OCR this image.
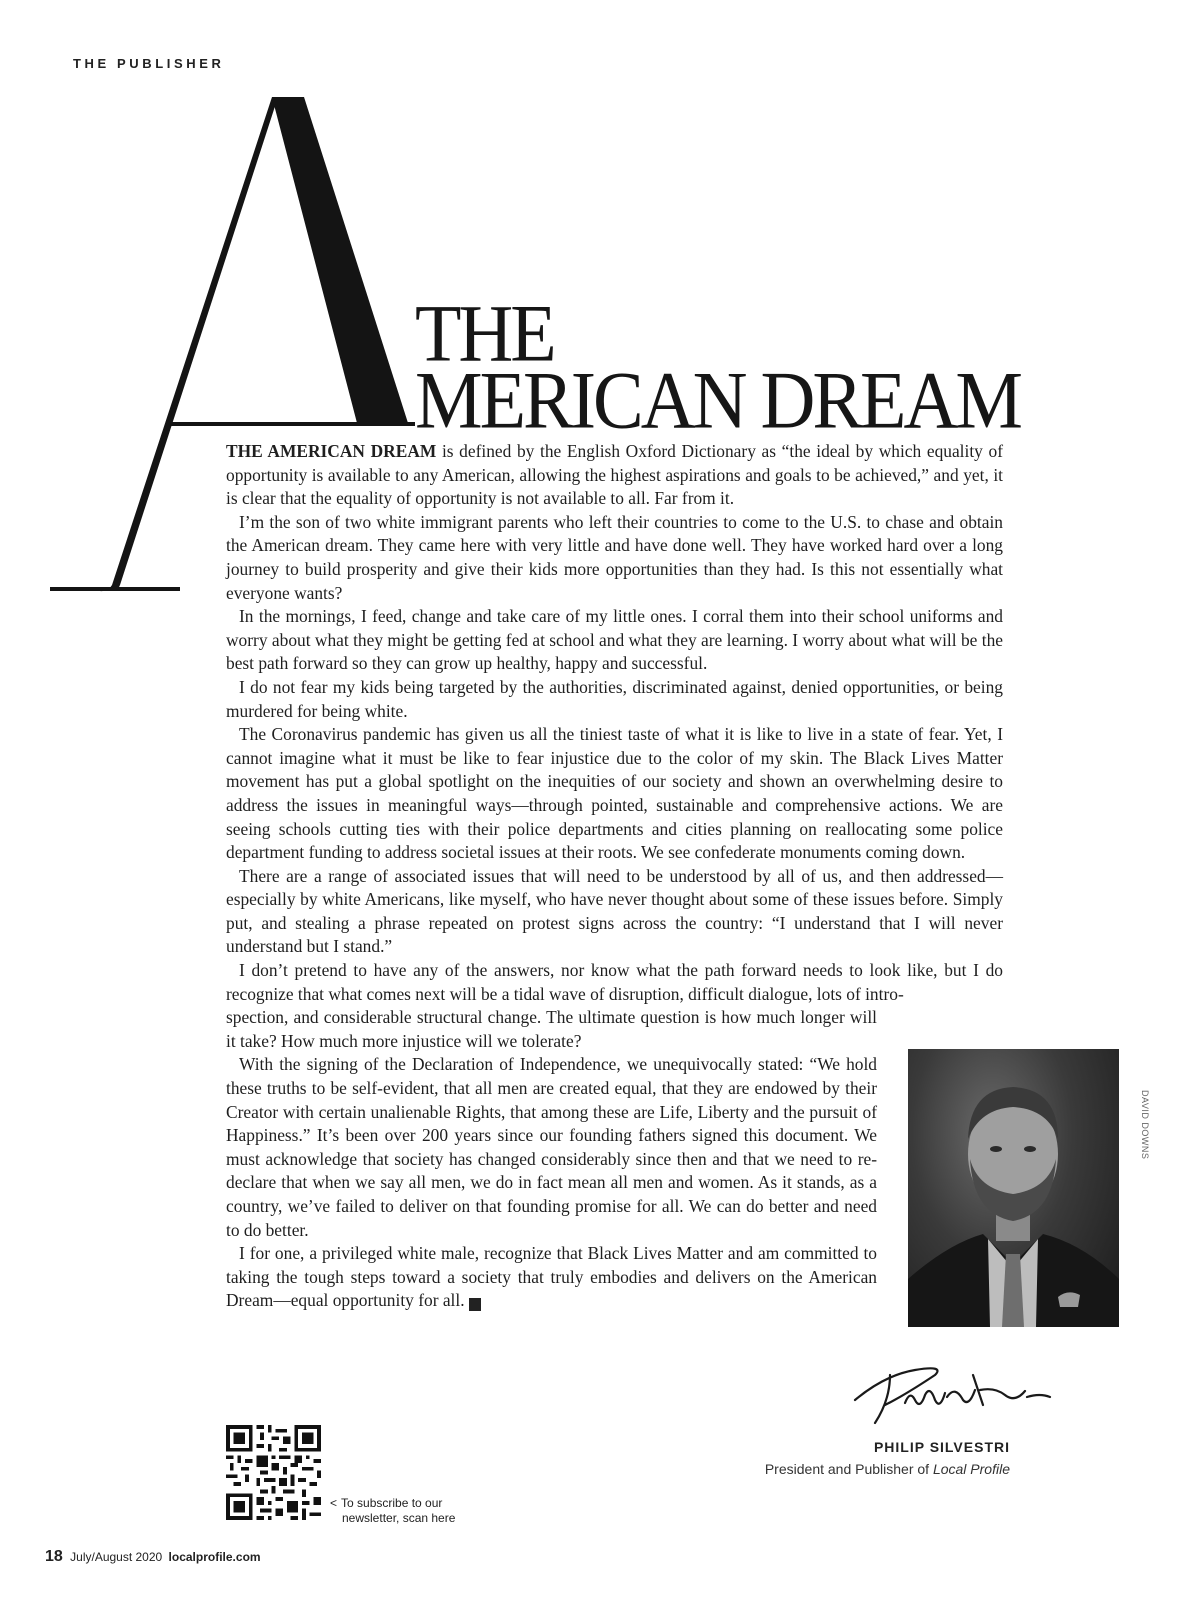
THE PUBLISHER
THE
MERICAN DREAM

THE AMERICAN DREAM is defined by the English Oxford Dictionary as “the ideal by which equality of opportunity is available to any American, allowing the highest aspirations and goals to be achieved,” and yet, it is clear that the equality of opportunity is not available to all. Far from it.

I’m the son of two white immigrant parents who left their countries to come to the U.S. to chase and obtain the American dream. They came here with very little and have done well. They have worked hard over a long journey to build prosperity and give their kids more opportunities than they had. Is this not essentially what everyone wants?

In the mornings, I feed, change and take care of my little ones. I corral them into their school uniforms and worry about what they might be getting fed at school and what they are learning. I worry about what will be the best path forward so they can grow up healthy, happy and successful.

I do not fear my kids being targeted by the authorities, discriminated against, denied opportunities, or being murdered for being white.

The Coronavirus pandemic has given us all the tiniest taste of what it is like to live in a state of fear. Yet, I cannot imagine what it must be like to fear injustice due to the color of my skin. The Black Lives Matter movement has put a global spotlight on the inequities of our society and shown an overwhelming desire to address the issues in meaningful ways—through pointed, sustainable and comprehensive actions. We are seeing schools cutting ties with their police departments and cities planning on reallocating some police department funding to address societal issues at their roots. We see confederate monuments coming down.

There are a range of associated issues that will need to be understood by all of us, and then addressed—especially by white Americans, like myself, who have never thought about some of these issues before. Simply put, and stealing a phrase repeated on protest signs across the country: “I understand that I will never understand but I stand.”

I don’t pretend to have any of the answers, nor know what the path forward needs to look like, but I do recognize that what comes next will be a tidal wave of disruption, difficult dialogue, lots of intro-

spection, and considerable structural change. The ultimate question is how much longer will it take? How much more injustice will we tolerate?

With the signing of the Declaration of Independence, we unequivocally stated: “We hold these truths to be self-evident, that all men are created equal, that they are endowed by their Creator with certain unalienable Rights, that among these are Life, Liberty and the pursuit of Happiness.” It’s been over 200 years since our founding fathers signed this document. We must acknowledge that society has changed considerably since then and that we need to re-declare that when we say all men, we do in fact mean all men and women. As it stands, as a country, we’ve failed to deliver on that founding promise for all. We can do better and need to do better.

I for one, a privileged white male, recognize that Black Lives Matter and am committed to taking the tough steps toward a society that truly embodies and delivers on the American Dream—equal opportunity for all. L

DAVID DOWNS
PHILIP SILVESTRI
President and Publisher of Local Profile
< To subscribe to our
newsletter, scan here
18 July/August 2020 localprofile.com
